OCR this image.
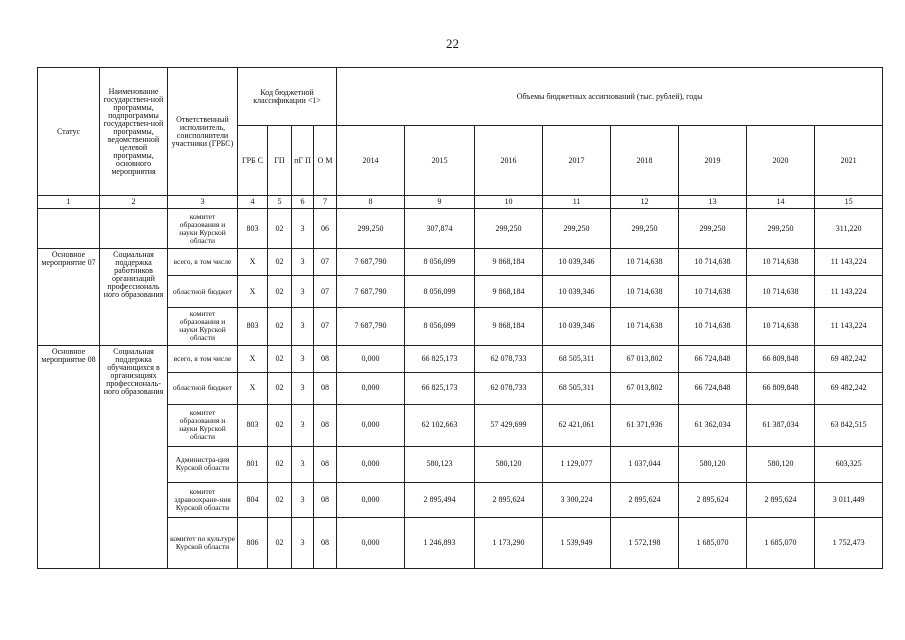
22
Статус	Наименование государствен-ной программы, подпрограммы государствен-ной программы, ведомственной целевой программы, основного мероприятия	Ответственный исполнитель, соисполнители участники (ГРБС)	Код бюджетной классификации <1>				Объемы бюджетных ассигнований (тыс. рублей), годы							
			ГРБ С	ГП	пГ П	О М	2014	2015	2016	2017	2018	2019	2020	2021
1	2	3	4	5	6	7	8	9	10	11	12	13	14	15
		комитет образования и науки Курской области	803	02	3	06	299,250	307,874	299,250	299,250	299,250	299,250	299,250	311,220
Основное мероприятие 07	Социальная поддержка работников организаций профессиональ ного образования	всего, в том числе	X	02	3	07	7 687,790	8 056,099	9 868,184	10 039,346	10 714,638	10 714,638	10 714,638	11 143,224
		областной бюджет	X	02	3	07	7 687,790	8 056,099	9 868,184	10 039,346	10 714,638	10 714,638	10 714,638	11 143,224
		комитет образования и науки Курской области	803	02	3	07	7 687,790	8 056,099	9 868,184	10 039,346	10 714,638	10 714,638	10 714,638	11 143,224
Основное мероприятие 08	Социальная поддержка обучающихся в организациях профессиональ-ного образования	всего, в том числе	X	02	3	08	0,000	66 825,173	62 078,733	68 505,311	67 013,802	66 724,848	66 809,848	69 482,242
		областной бюджет	X	02	3	08	0,000	66 825,173	62 078,733	68 505,311	67 013,802	66 724,848	66 809,848	69 482,242
		комитет образования и науки Курской области	803	02	3	08	0,000	62 102,663	57 429,699	62 421,061	61 371,936	61 362,034	61 387,034	63 842,515
		Администра-ция Курской области	801	02	3	08	0,000	580,123	580,120	1 129,077	1 037,044	580,120	580,120	603,325
		комитет здравоохране-ния Курской области	804	02	3	08	0,000	2 895,494	2 895,624	3 300,224	2 895,624	2 895,624	2 895,624	3 011,449
		комитет по культуре Курской области	806	02	3	08	0,000	1 246,893	1 173,290	1 539,949	1 572,198	1 685,070	1 685,070	1 752,473
